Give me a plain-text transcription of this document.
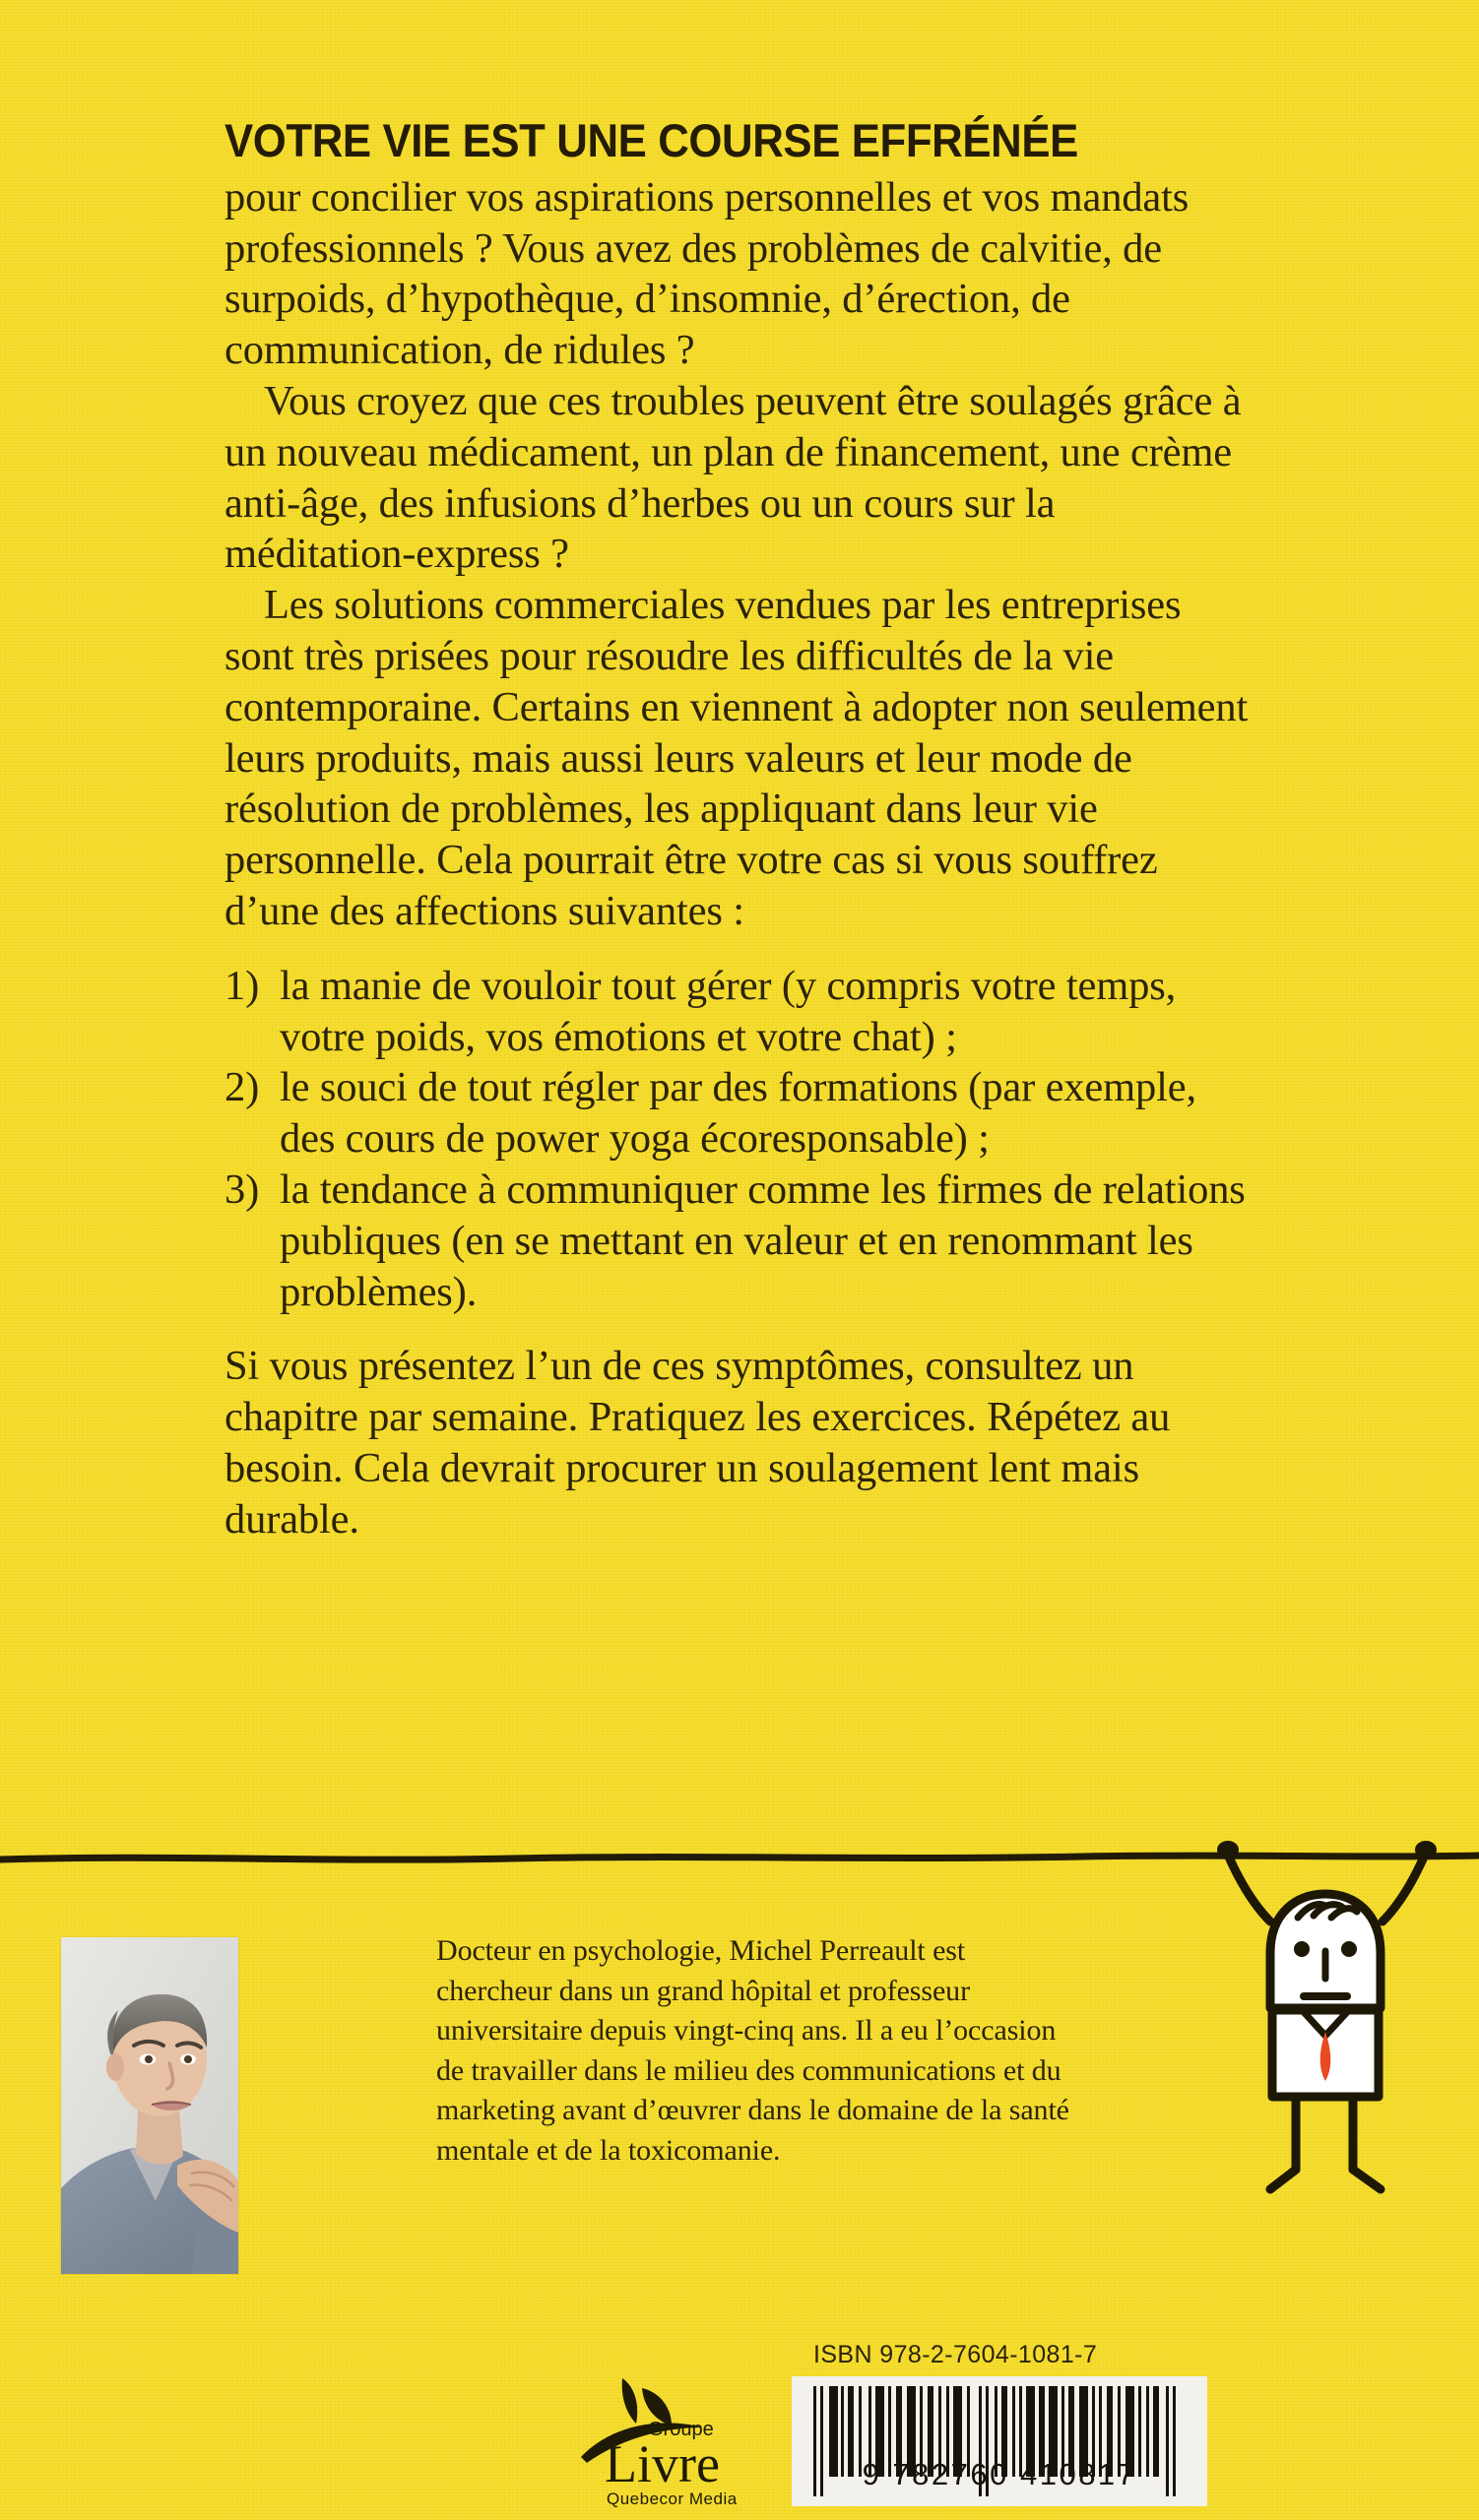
VOTRE VIE EST UNE COURSE EFFRÉNÉE

pour concilier vos aspirations personnelles et vos mandats professionnels ? Vous avez des problèmes de calvitie, de surpoids, d’hypothèque, d’insomnie, d’érection, de communication, de ridules ?

Vous croyez que ces troubles peuvent être soulagés grâce à un nouveau médicament, un plan de financement, une crème anti-âge, des infusions d’herbes ou un cours sur la méditation-express ?

Les solutions commerciales vendues par les entreprises sont très prisées pour résoudre les difficultés de la vie contemporaine. Certains en viennent à adopter non seulement leurs produits, mais aussi leurs valeurs et leur mode de résolution de problèmes, les appliquant dans leur vie personnelle. Cela pourrait être votre cas si vous souffrez d’une des affections suivantes :

1) la manie de vouloir tout gérer (y compris votre temps, votre poids, vos émotions et votre chat) ;
2) le souci de tout régler par des formations (par exemple, des cours de power yoga écoresponsable) ;
3) la tendance à communiquer comme les firmes de relations publiques (en se mettant en valeur et en renommant les problèmes).

Si vous présentez l’un de ces symptômes, consultez un chapitre par semaine. Pratiquez les exercices. Répétez au besoin. Cela devrait procurer un soulagement lent mais durable.

Docteur en psychologie, Michel Perreault est chercheur dans un grand hôpital et professeur universitaire depuis vingt-cinq ans. Il a eu l’occasion de travailler dans le milieu des communications et du marketing avant d’œuvrer dans le domaine de la santé mentale et de la toxicomanie.

Groupe
Livre
Quebecor Media
ISBN 978-2-7604-1081-7
9 782760 410817
